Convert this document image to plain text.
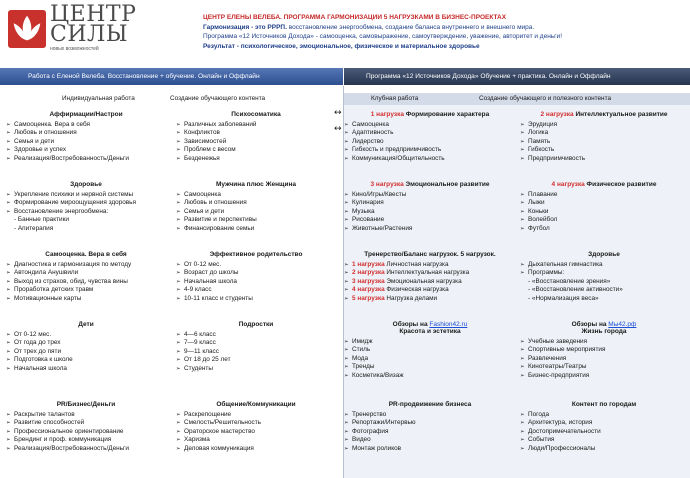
ЦЕНТР
СИЛЫ
новых возможностей
ЦЕНТР ЕЛЕНЫ ВЕЛЕБА. ПРОГРАММА ГАРМОНИЗАЦИИ 5 НАГРУЗКАМИ В БИЗНЕС-ПРОЕКТАХ
Гармонизация - это РРРП. восстановление энергообмена, создание баланса внутреннего и внешнего мира.
Программа «12 Источников Дохода» - самооценка, самовыражение, самоутверждение, уважение, авторитет и деньги!
Результат - психологическое, эмоциональное, физическое и материальное здоровье
Работа с Еленой Велеба. Восстановление + обучение. Онлайн и Оффлайн	Программа «12 Источников Дохода» Обучение + практика. Онлайн и Оффлайн
Индивидуальная работа	Создание обучающего контента	Клубная работа	Создание обучающего и полезного контента
Аффирмации/Настрои
➢ Самооценка. Вера в себя
➢ Любовь и отношения
➢ Семья и дети
➢ Здоровье и успех
➢ Реализация/Востребованность/Деньги
Психосоматика
➢ Различных заболеваний
➢ Конфликтов
➢ Зависимостей
➢ Проблем с весом
➢ Безденежья
Здоровье
➢ Укрепление психики и нервной системы
➢ Формирование мироощущения здоровья
➢ Восстановление энергообмена:
- Банные практики
- Апитерапия
Мужчина плюс Женщина
➢ Самооценка
➢ Любовь и отношения
➢ Семья и дети
➢ Развитие и перспективы
➢ Финансирование семьи
Самооценка. Вера в себя
➢ Диагностика и гармонизация по методу
➢ Автондила Анушвили
➢ Выход из страхов, обид, чувства вины
➢ Проработка детских травм
➢ Мотивационные карты
Эффективное родительство
➢ От 0-12 мес.
➢ Возраст до школы
➢ Начальная школа
➢ 4-9 класс
➢ 10-11 класс и студенты
Дети
➢ От 0-12 мес.
➢ От года до трех
➢ От трех до пяти
➢ Подготовка к школе
➢ Начальная школа
Подростки
➢ 4—6 класс
➢ 7—9 класс
➢ 9—11 класс
➢ От 18 до 25 лет
➢ Студенты
PR/Бизнес/Деньги
➢ Раскрытие талантов
➢ Развитие способностей
➢ Профессиональное ориентирование
➢ Брендинг и проф. коммуникация
➢ Реализация/Востребованность/Деньги
Общение/Коммуникации
➢ Раскрепощение
➢ Смелость/Решительность
➢ Ораторское мастерство
➢ Харизма
➢ Деловая коммуникация
1 нагрузка Формирование характера
➢ Самооценка
➢ Адаптивность
➢ Лидерство
➢ Гибкость и предприимчивость
➢ Коммуникация/Общительность
2 нагрузка Интеллектуальное развитие
➢ Эрудиция
➢ Логика
➢ Память
➢ Гибкость
➢ Предприимчивость
3 нагрузка Эмоциональное развитие
➢ Кино/Игры/Квесты
➢ Кулинария
➢ Музыка
➢ Рисование
➢ Животные/Растения
4 нагрузка Физическое развитие
➢ Плавание
➢ Лыжи
➢ Коньки
➢ Волейбол
➢ Футбол
Тренерство/Баланс нагрузок. 5 нагрузок.
➢ 1 нагрузка Личностная нагрузка
➢ 2 нагрузка Интеллектуальная нагрузка
➢ 3 нагрузка Эмоциональная нагрузка
➢ 4 нагрузка Физическая нагрузка
➢ 5 нагрузка Нагрузка делами
Здоровье
➢ Дыхательная гимнастика
➢ Программы:
- «Восстановление зрения»
- «Восстановление активности»
- «Нормализация веса»
Обзоры на Fashion42.ru
Красота и эстетика
➢ Имидж
➢ Стиль
➢ Мода
➢ Тренды
➢ Косметика/Визаж
Обзоры на Мы42.рф
Жизнь города
➢ Учебные заведения
➢ Спортивные мероприятия
➢ Развлечения
➢ Кинотеатры/Театры
➢ Бизнес-предприятия
PR-продвижение бизнеса
➢ Тренерство
➢ Репортажи/Интервью
➢ Фотография
➢ Видео
➢ Монтаж роликов
Контент по городам
➢ Погода
➢ Архитектура, история
➢ Достопримечательности
➢ События
➢ Люди/Профессионалы
↔
↔
